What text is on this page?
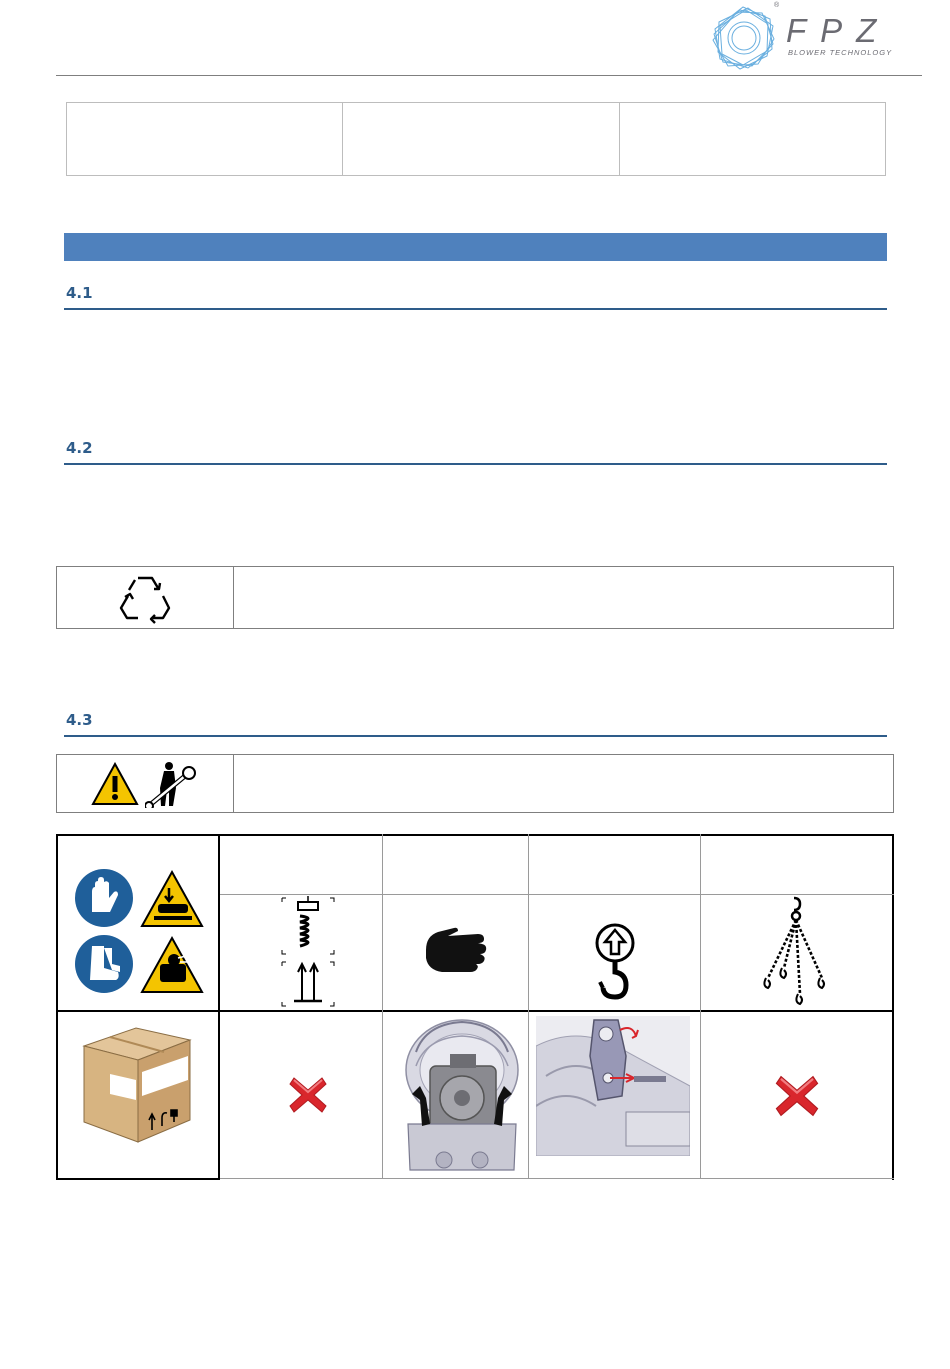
®
FPZ
BLOWER TECHNOLOGY
4.1
4.2
4.3
